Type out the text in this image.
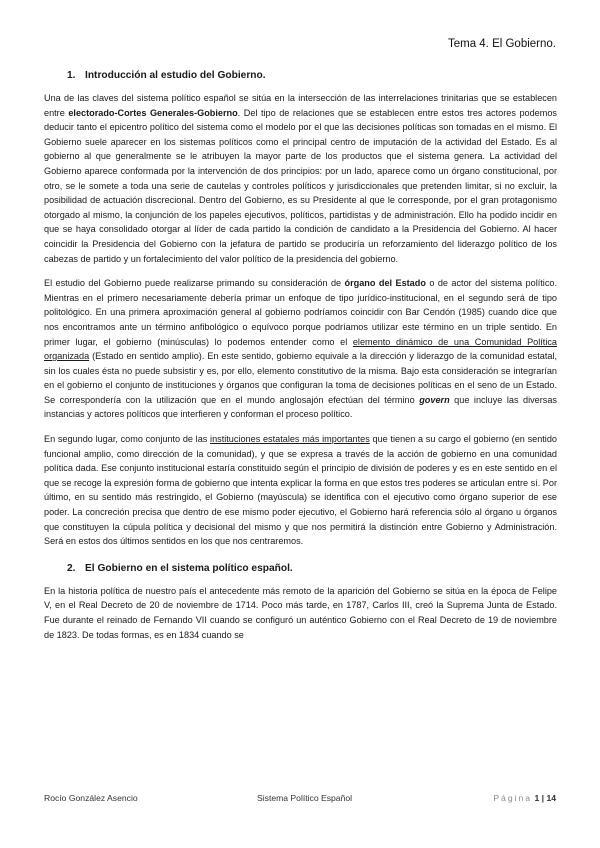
Tema 4. El Gobierno.
1. Introducción al estudio del Gobierno.

Una de las claves del sistema político español se sitúa en la intersección de las interrelaciones trinitarias que se establecen entre electorado-Cortes Generales-Gobierno. Del tipo de relaciones que se establecen entre estos tres actores podemos deducir tanto el epicentro político del sistema como el modelo por el que las decisiones políticas son tomadas en el mismo. El Gobierno suele aparecer en los sistemas políticos como el principal centro de imputación de la actividad del Estado. Es al gobierno al que generalmente se le atribuyen la mayor parte de los productos que el sistema genera. La actividad del Gobierno aparece conformada por la intervención de dos principios: por un lado, aparece como un órgano constitucional, por otro, se le somete a toda una serie de cautelas y controles políticos y jurisdiccionales que pretenden limitar, si no excluir, la posibilidad de actuación discrecional. Dentro del Gobierno, es su Presidente al que le corresponde, por el gran protagonismo otorgado al mismo, la conjunción de los papeles ejecutivos, políticos, partidistas y de administración. Ello ha podido incidir en que se haya consolidado otorgar al líder de cada partido la condición de candidato a la Presidencia del Gobierno. Al hacer coincidir la Presidencia del Gobierno con la jefatura de partido se produciría un reforzamiento del liderazgo político de los cabezas de partido y un fortalecimiento del valor político de la presidencia del gobierno.

El estudio del Gobierno puede realizarse primando su consideración de órgano del Estado o de actor del sistema político. Mientras en el primero necesariamente debería primar un enfoque de tipo jurídico-institucional, en el segundo será de tipo politológico. En una primera aproximación general al gobierno podríamos coincidir con Bar Cendón (1985) cuando dice que nos encontramos ante un término anfibológico o equívoco porque podríamos utilizar este término en un triple sentido. En primer lugar, el gobierno (minúsculas) lo podemos entender como el elemento dinámico de una Comunidad Política organizada (Estado en sentido amplio). En este sentido, gobierno equivale a la dirección y liderazgo de la comunidad estatal, sin los cuales ésta no puede subsistir y es, por ello, elemento constitutivo de la misma. Bajo esta consideración se integrarían en el gobierno el conjunto de instituciones y órganos que configuran la toma de decisiones políticas en el seno de un Estado. Se correspondería con la utilización que en el mundo anglosajón efectúan del término govern que incluye las diversas instancias y actores políticos que interfieren y conforman el proceso político.

En segundo lugar, como conjunto de las instituciones estatales más importantes que tienen a su cargo el gobierno (en sentido funcional amplio, como dirección de la comunidad), y que se expresa a través de la acción de gobierno en una comunidad política dada. Ese conjunto institucional estaría constituido según el principio de división de poderes y es en este sentido en el que se recoge la expresión forma de gobierno que intenta explicar la forma en que estos tres poderes se articulan entre sí. Por último, en su sentido más restringido, el Gobierno (mayúscula) se identifica con el ejecutivo como órgano superior de ese poder. La concreción precisa que dentro de ese mismo poder ejecutivo, el Gobierno hará referencia sólo al órgano u órganos que constituyen la cúpula política y decisional del mismo y que nos permitirá la distinción entre Gobierno y Administración. Será en estos dos últimos sentidos en los que nos centraremos.

2. El Gobierno en el sistema político español.

En la historia política de nuestro país el antecedente más remoto de la aparición del Gobierno se sitúa en la época de Felipe V, en el Real Decreto de 20 de noviembre de 1714. Poco más tarde, en 1787, Carlos III, creó la Suprema Junta de Estado. Fue durante el reinado de Fernando VII cuando se configuró un auténtico Gobierno con el Real Decreto de 19 de noviembre de 1823. De todas formas, es en 1834 cuando se

Rocío González Asencio	Sistema Político Español	Página 1 | 14
